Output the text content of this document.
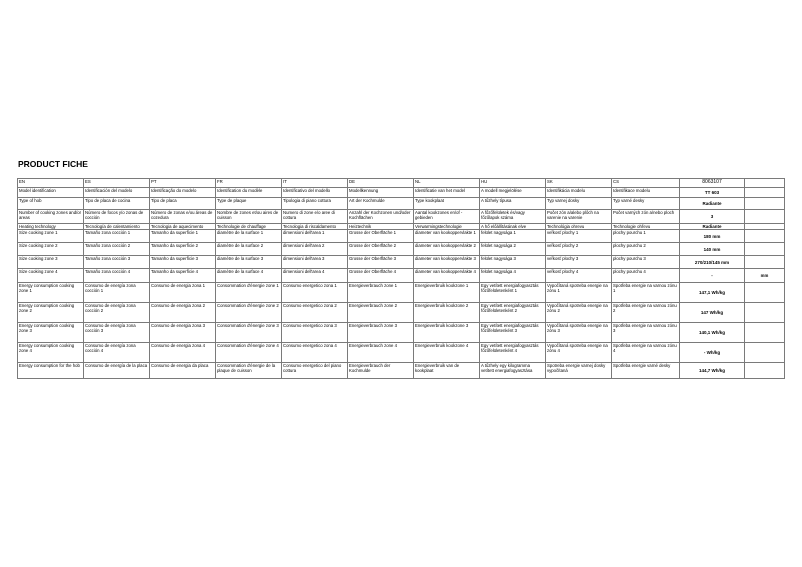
PRODUCT FICHE
EN	ES	PT	FR	IT	DE	NL	HU	SK	CS	8063107	
Model identification	Identificación del modelo	Identificação do modelo	Identification du modèle	Identificativo del modello	Modellkennung	Identificatie van het model	A modell megjelölése	Identifikácia modelu	Identifikace modelu	TT 603	
Type of hob	Tipo de placa de cocina	Tipo de placa	Type de plaque	Tipologia di piano cottura	Art der Kochmulde	Type kookplaat	A tűzhely típusa	Typ varnej dosky	Typ varné desky	Radiante	
Number of cooking zones and/or areas	Número de focos y/o zonas de cocción	Número de zonas e/ou áreas de cozedura	Nombre de zones et/ou aires de cuisson	Numero di zone e/o aree di cottura	Anzahl der Kochzonen und/oder Kochflächen	Aantal kookzones en/of -gebieden	A főzőfelületek és/vagy főzőlapok száma	Počet zón a/alebo plôch na varenie na varenie	Počet varných zón a/nebo ploch	3	
Heating technology	Tecnología de calentamiento	Tecnologia de aquecimento	Technologie de chauffage	Tecnologia di riscaldamento	Heiztechnik	Verwarmingstechnologie	A hő előállításának elve	Technológia ohrevu	Technologie ohřevu	Radiante	
Size cooking zone 1	Tamaño zona cocción 1	Tamanho da superfície 1	diamètre de la surface 1	dimensioni dell'area 1	Grosse der Oberfläche 1	diameter van kookoppervlakte 1	felület nagysága 1	veľkosť plochy 1	plochy pourchu 1	180 mm	
Size cooking zone 2	Tamaño zona cocción 2	Tamanho da superfície 2	diamètre de la surface 2	dimensioni dell'area 2	Grosse der Oberfläche 2	diameter van kookoppervlakte 2	felület nagysága 2	veľkosť plochy 2	plochy pourchu 2	140 mm	
Size cooking zone 3	Tamaño zona cocción 3	Tamanho da superfície 3	diamètre de la surface 3	dimensioni dell'area 3	Grosse der Oberfläche 3	diameter van kookoppervlakte 3	felület nagysága 3	veľkosť plochy 3	plochy pourchu 3	270/210/145 mm	
Size cooking zone 4	Tamaño zona cocción 4	Tamanho da superfície 4	diamètre de la surface 4	dimensioni dell'area 4	Grosse der Oberfläche 4	diameter van kookoppervlakte 4	felület nagysága 4	veľkosť plochy 4	plochy pourchu 4	-	mm
Energy consumption cooking zone 1	Consumo de energía zona cocción 1	Consumo de energia zona 1	Consommation d'énergie zone 1	Consumo energetico zona 1	Energieverbrauch zone 1	Energieverbruik kookzone 1	Egy vetített energiafogyasztás főzőfelületenként 1	Vypočítaná spotreba energie na zónu 1	Spotřeba energie na varnou zónu 1	147,1 Wh/kg	
Energy consumption cooking zone 2	Consumo de energía zona cocción 2	Consumo de energia zona 2	Consommation d'énergie zone 2	Consumo energetico zona 2	Energieverbrauch zone 2	Energieverbruik kookzone 2	Egy vetített energiafogyasztás főzőfelületenként 2	Vypočítaná spotreba energie na zónu 2	Spotřeba energie na varnou zónu 2	147 Wh/kg	
Energy consumption cooking zone 3	Consumo de energía zona cocción 3	Consumo de energia zona 3	Consommation d'énergie zone 3	Consumo energetico zona 3	Energieverbrauch zone 3	Energieverbruik kookzone 3	Egy vetített energiafogyasztás főzőfelületenként 3	Vypočítaná spotreba energie na zónu 3	Spotřeba energie na varnou zónu 3	140,1 Wh/kg	
Energy consumption cooking zone 4	Consumo de energía zona cocción 4	Consumo de energia zona 4	Consommation d'énergie zone 4	Consumo energetico zona 4	Energieverbrauch zone 4	Energieverbruik kookzone 4	Egy vetített energiafogyasztás főzőfelületenként 4	Vypočítaná spotreba energie na zónu 4	Spotřeba energie na varnou zónu 4	- Wh/kg	
Energy consumption for the hob	Consumo de energía de la placa	Consumo de energia da placa	Consommation d'énergie de la plaque de cuisson	Consumo energetico del piano cottura	Energieverbrauch der Kochmulde	Energieverbruik van de kookplaat	A tűzhely egy kilogramma vetített energiafogyasztása	Spotreba energie varnej dosky vypočítaná	Spotřeba energie varné desky	144,7 Wh/kg	
